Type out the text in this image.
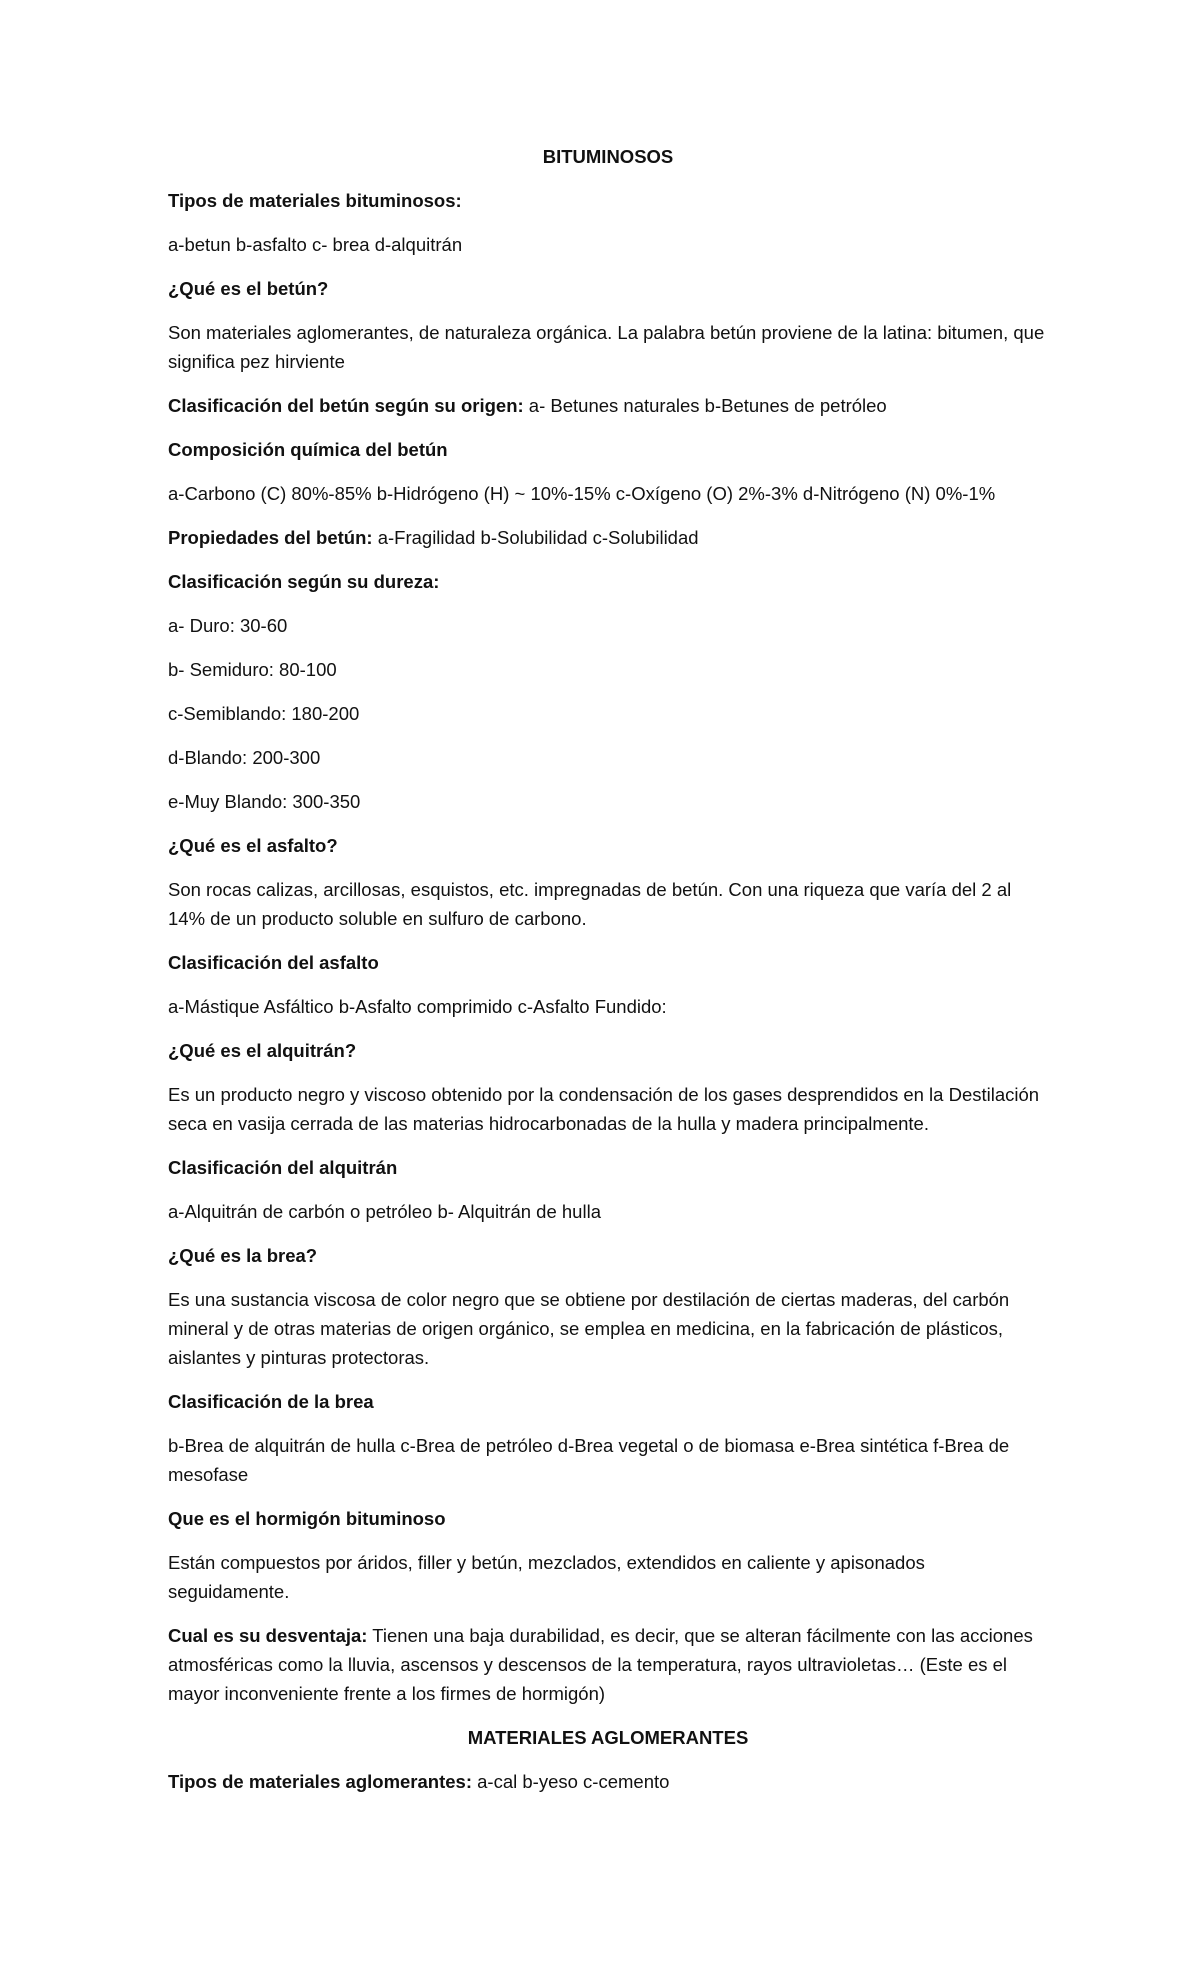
BITUMINOSOS

Tipos de materiales bituminosos:

a-betun b-asfalto c- brea d-alquitrán

¿Qué es el betún?

Son materiales aglomerantes, de naturaleza orgánica. La palabra betún proviene de la latina: bitumen, que significa pez hirviente

Clasificación del betún según su origen: a- Betunes naturales b-Betunes de petróleo

Composición química del betún

a-Carbono (C) 80%-85% b-Hidrógeno (H) ~ 10%-15% c-Oxígeno (O) 2%-3% d-Nitrógeno (N) 0%-1%

Propiedades del betún: a-Fragilidad b-Solubilidad c-Solubilidad

Clasificación según su dureza:

a- Duro: 30-60

b- Semiduro: 80-100

c-Semiblando: 180-200

d-Blando: 200-300

e-Muy Blando: 300-350

¿Qué es el asfalto?

Son rocas calizas, arcillosas, esquistos, etc. impregnadas de betún. Con una riqueza que varía del 2 al 14% de un producto soluble en sulfuro de carbono.

Clasificación del asfalto

a-Mástique Asfáltico b-Asfalto comprimido c-Asfalto Fundido:

¿Qué es el alquitrán?

Es un producto negro y viscoso obtenido por la condensación de los gases desprendidos en la Destilación seca en vasija cerrada de las materias hidrocarbonadas de la hulla y madera principalmente.

Clasificación del alquitrán

a-Alquitrán de carbón o petróleo b- Alquitrán de hulla

¿Qué es la brea?

Es una sustancia viscosa de color negro que se obtiene por destilación de ciertas maderas, del carbón mineral y de otras materias de origen orgánico, se emplea en medicina, en la fabricación de plásticos, aislantes y pinturas protectoras.

Clasificación de la brea

b-Brea de alquitrán de hulla c-Brea de petróleo d-Brea vegetal o de biomasa e-Brea sintética f-Brea de mesofase

Que es el hormigón bituminoso

Están compuestos por áridos, filler y betún, mezclados, extendidos en caliente y apisonados seguidamente.

Cual es su desventaja: Tienen una baja durabilidad, es decir, que se alteran fácilmente con las acciones atmosféricas como la lluvia, ascensos y descensos de la temperatura, rayos ultravioletas… (Este es el mayor inconveniente frente a los firmes de hormigón)

MATERIALES AGLOMERANTES

Tipos de materiales aglomerantes: a-cal b-yeso c-cemento
